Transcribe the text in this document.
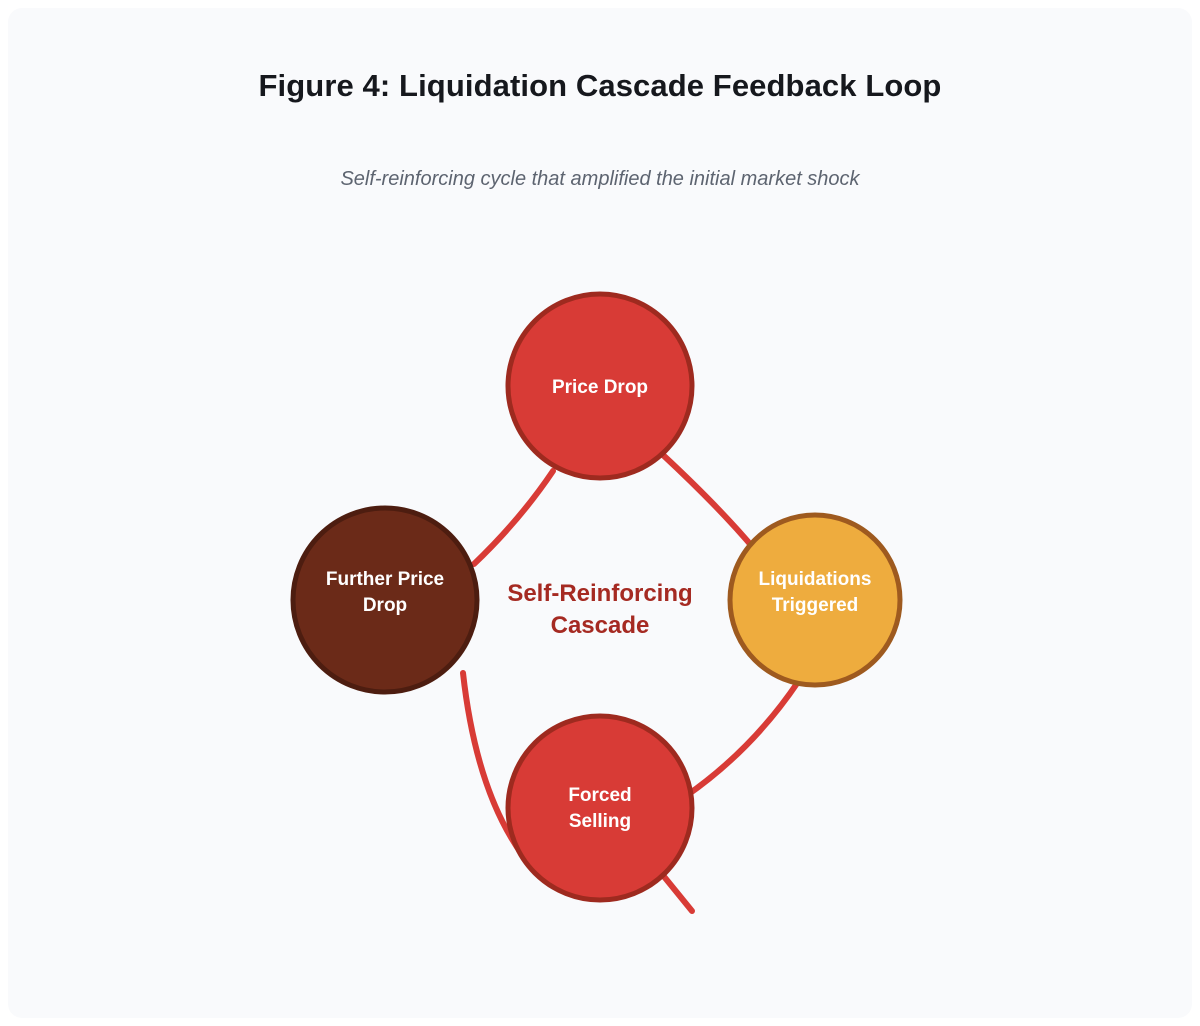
Figure 4: Liquidation Cascade Feedback Loop
Self-reinforcing cycle that amplified the initial market shock
Price Drop
Liquidations
Triggered
Forced
Selling
Further Price
Drop	Self-Reinforcing
Cascade
